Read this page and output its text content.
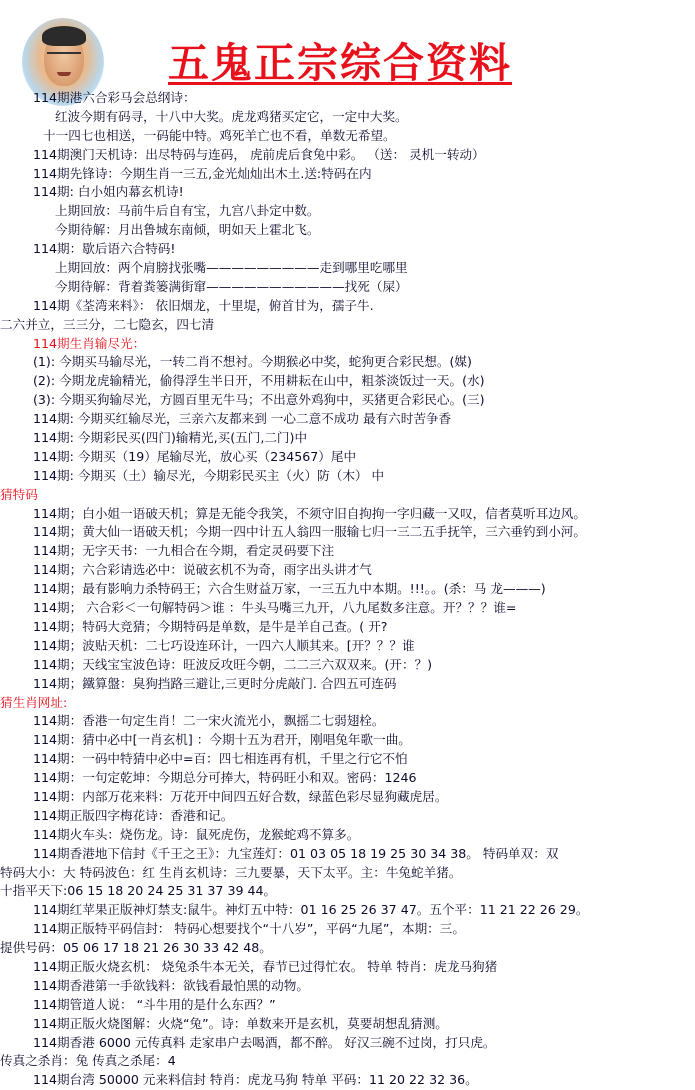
五鬼正宗综合资料
114期港六合彩马会总纲诗：
红波今期有码寻，十八中大奖。虎龙鸡猪买定它，一定中大奖。
十一四七也相送，一码能中特。鸡死羊亡也不看，单数无希望。
114期澳门天机诗：出尽特码与连码， 虎前虎后食兔中彩。 （送： 灵机一转动）
114期先锋诗：今期生肖一三五,金光灿灿出木土.送:特码在内
114期: 白小姐内幕玄机诗!
上期回放：马前牛后自有宝，九宫八卦定中数。
今期待解：月出鲁城东南倾，明如天上霍北飞。
114期：歇后语六合特码!
上期回放：两个肩膀找张嘴—————————走到哪里吃哪里
今期待解：背着粪篓满街窜———————————找死（屎）
114期《荃湾来料》： 依旧烟龙，十里堤，俯首甘为，孺子牛.
二六并立，三三分，二七隐玄，四七清
114期生肖输尽光：
(1): 今期买马输尽光，一转二肖不想衬。今期猴必中奖，蛇狗更合彩民想。(媒)
(2): 今期龙虎输精光，偷得浮生半日开，不用耕耘在山中，粗茶淡饭过一天。(水)
(3): 今期买狗输尽光，方圆百里无牛马；不出意外鸡狗中，买猪更合彩民心。(三)
114期: 今期买红输尽光，三亲六友都来到 一心二意不成功 最有六时苦争香
114期: 今期彩民买(四门)输精光,买(五门,二门)中
114期: 今期买（19）尾输尽光，放心买（234567）尾中
114期: 今期买（土）输尽光，今期彩民买主（火）防（木） 中
猜特码
114期；白小姐一语破天机；算是无能令我笑，不须守旧自拘拘一字归藏一又叹，信者莫听耳边风。
114期；黄大仙一语破天机；今期一四中计五人翁四一服输七归一三二五手抚竿，三六垂钓到小河。
114期；无字天书：一九相合在今期，看定灵码要下注
114期；六合彩请选必中：说破玄机不为奇，雨字出头讲才气
114期；最有影响力杀特码王；六合生财益万家，一三五九中本期。!!!。。(杀：马 龙———)
114期； 六合彩＜一句解特码＞谁 ：牛头马嘴三九开，八九尾数多注意。开？？？谁=
114期；特码大竞猜；今期特码是单数，是牛是羊自己查。( 开?
114期；波贴天机：二七巧设连环计，一四六人顺其来。[开？？？谁
114期；天线宝宝波色诗：旺波反攻旺今朝，二二三六双双来。(开：？)
114期；鐵算盤：臭狗挡路三避让,三更时分虎敲门. 合四五可连码
猜生肖网址:
114期：香港一句定生肖！二一宋火流光小，飘摇二七弱翅栓。
114期：猜中必中[一肖玄机] ：今期十五为君开，刚唱兔年歌一曲。
114期：一码中特猜中必中=百：四七相连再有机，千里之行它不怕
114期：一句定乾坤：今期总分可捧大，特码旺小和双。密码：1246
114期：内部万花来料：万花开中间四五好合数，绿蓝色彩尽显狗藏虎居。
114期正版四字梅花诗：香港和记。
114期火车头：烧伤龙。诗：鼠死虎伤，龙猴蛇鸡不算多。
114期香港地下信封《千王之王》：九宝莲灯：01 03 05 18 19 25 30 34 38。 特码单双：双
特码大小：大 特码波色：红 生肖玄机诗：三九要暴，天下太平。主：牛兔蛇羊猪。
十指平天下:06 15 18 20 24 25 31 37 39 44。
114期红苹果正版神灯禁支:鼠牛。神灯五中特：01 16 25 26 37 47。五个平：11 21 22 26 29。
114期正版特平码信封： 特码心想要找个“十八岁”，平码“九尾”，本期：三。
提供号码：05 06 17 18 21 26 30 33 42 48。
114期正版火烧玄机： 烧兔杀牛本无关，春节已过得忙农。 特单 特肖：虎龙马狗猪
114期香港第一手欲钱料：欲钱看最怕黑的动物。
114期管道人说： “斗牛用的是什么东西？”
114期正版火烧图解：火烧“兔”。诗：单数来开是玄机，莫要胡想乱猜测。
114期香港 6000 元传真料 走家串户去喝酒，都不醉。 好汉三碗不过岗，打只虎。
传真之杀肖：兔 传真之杀尾：4
114期台湾 50000 元来料信封 特肖：虎龙马狗 特单 平码：11 20 22 32 36。
